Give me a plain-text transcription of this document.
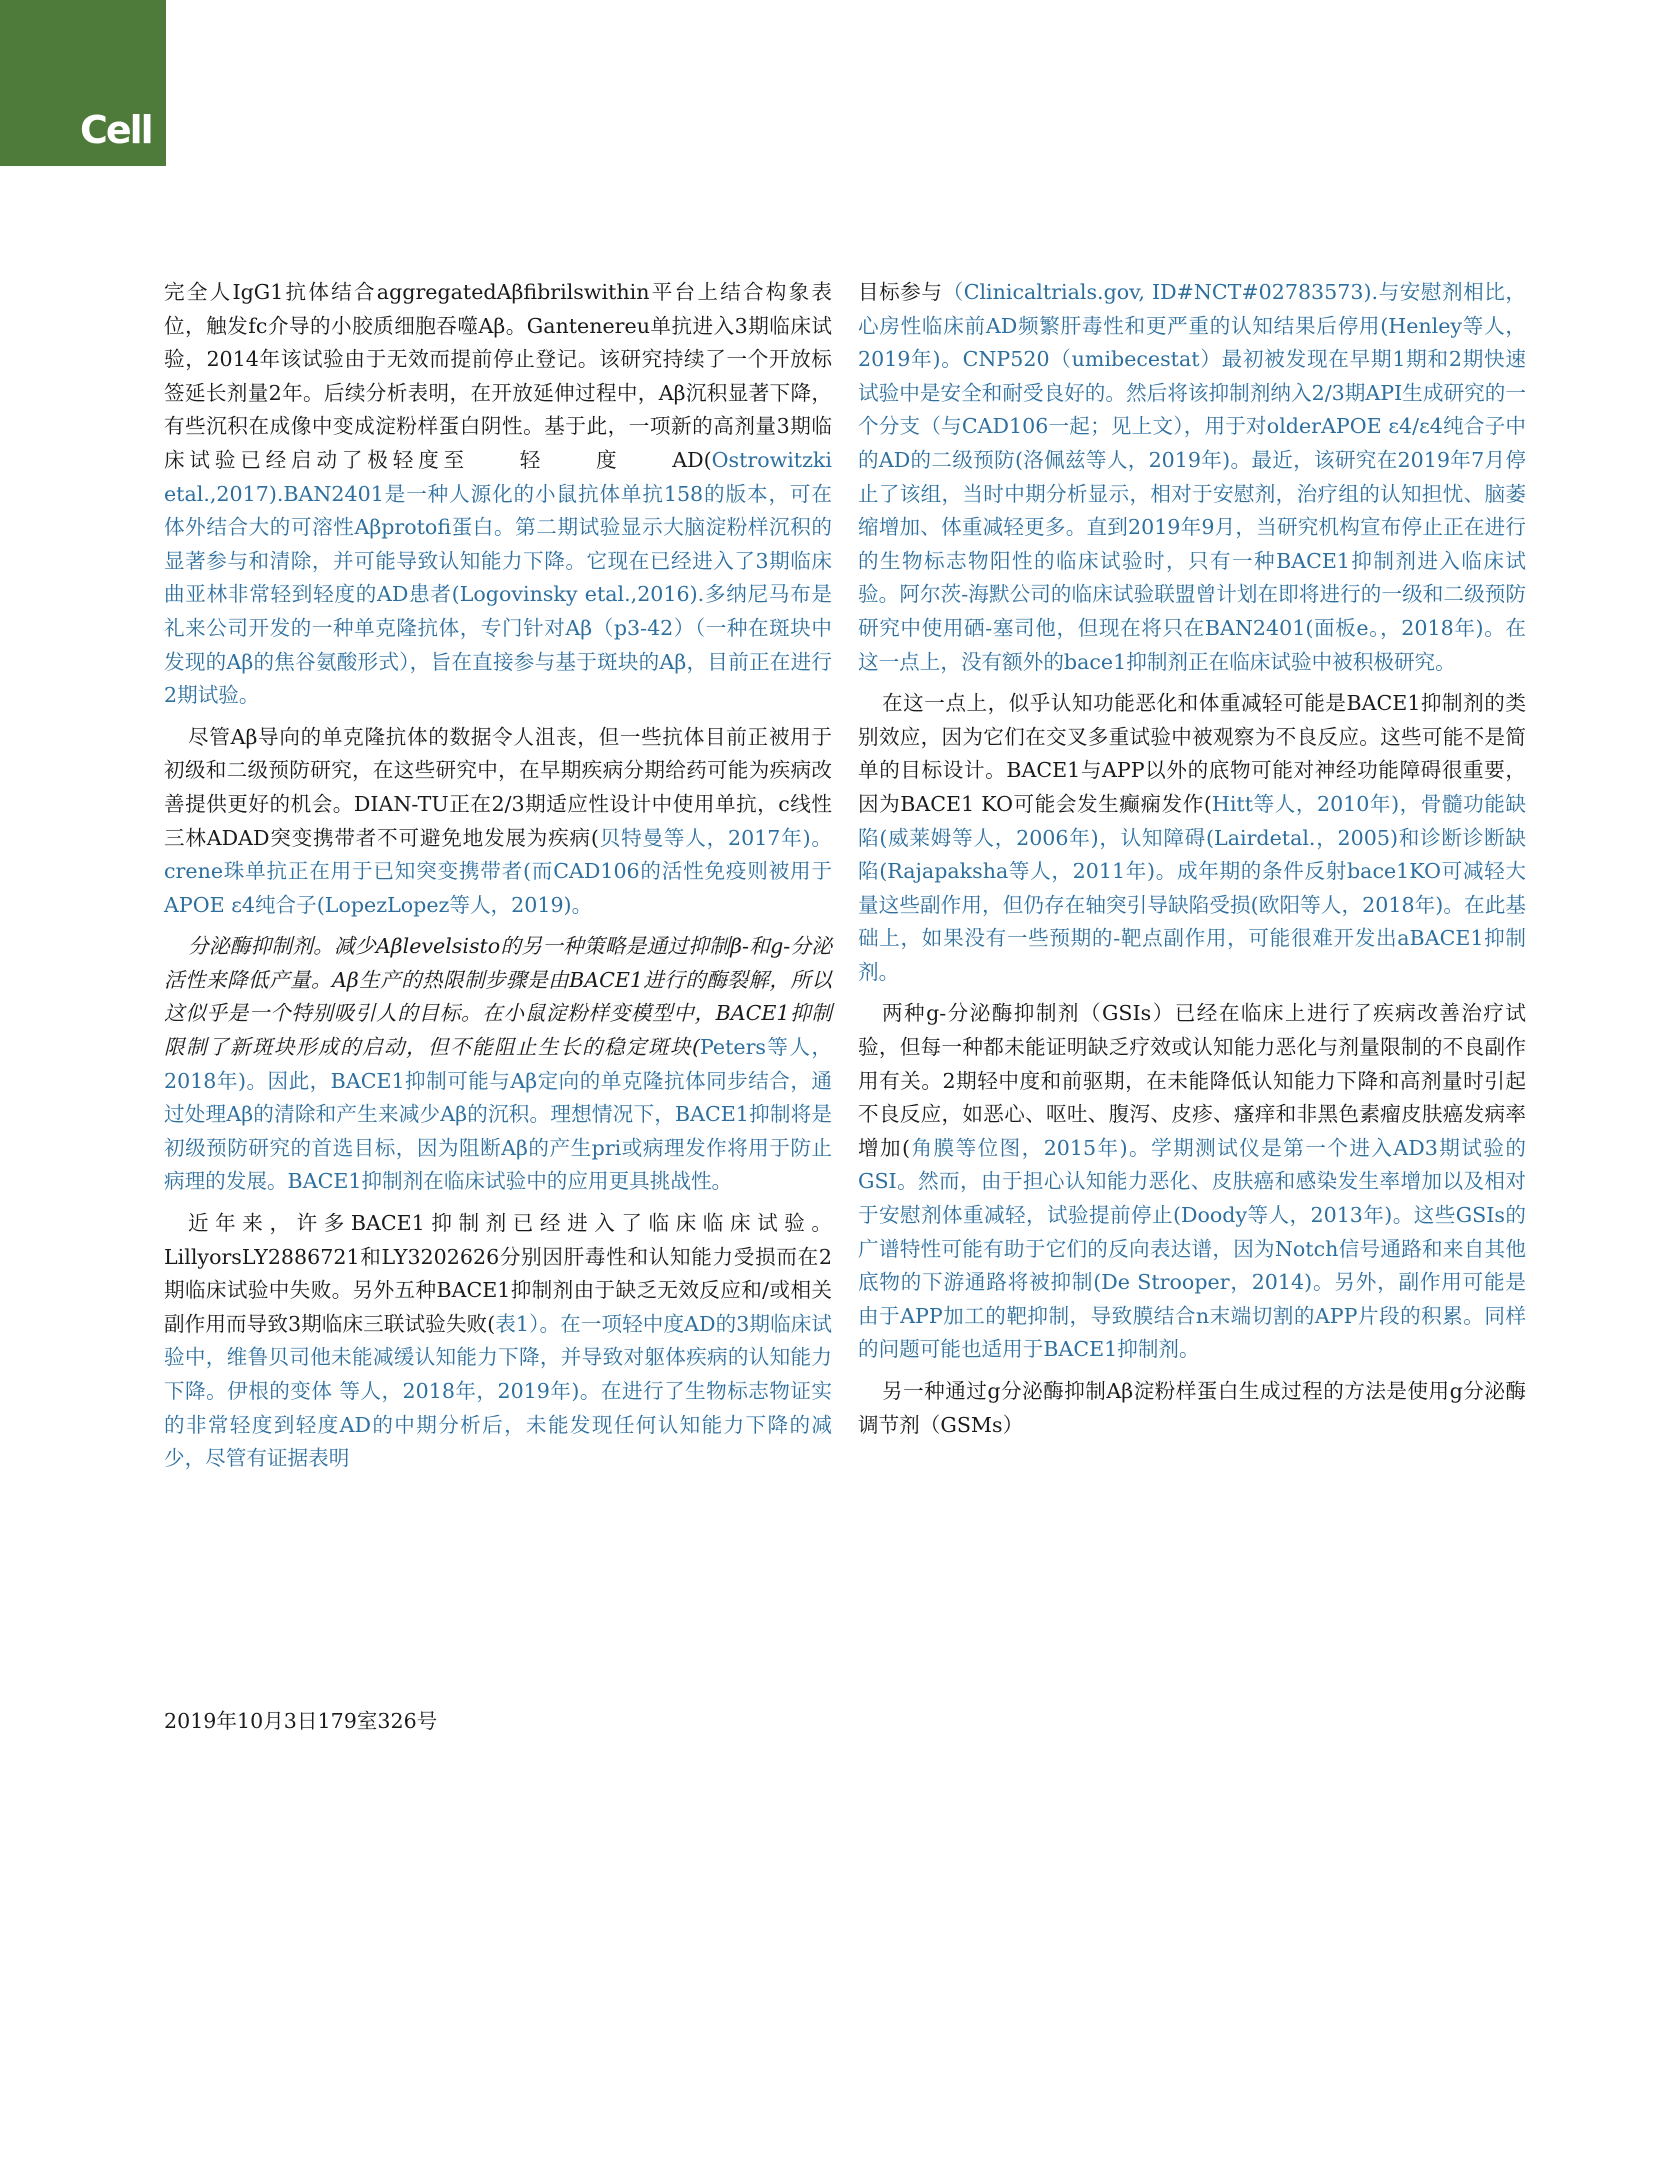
Cell

完全人IgG1抗体结合aggregatedAβfibrilswithin平台上结合构象表位，触发fc介导的小胶质细胞吞噬Aβ。Gantenereu单抗进入3期临床试验，2014年该试验由于无效而提前停止登记。该研究持续了一个开放标签延长剂量2年。后续分析表明，在开放延伸过程中，Aβ沉积显著下降，有些沉积在成像中变成淀粉样蛋白阴性。基于此，一项新的高剂量3期临床试验已经启动了极轻度至　　轻　　度　　AD(Ostrowitzki etal.,2017).BAN2401是一种人源化的小鼠抗体单抗158的版本，可在体外结合大的可溶性Aβprotofi蛋白。第二期试验显示大脑淀粉样沉积的显著参与和清除，并可能导致认知能力下降。它现在已经进入了3期临床曲亚林非常轻到轻度的AD患者(Logovinsky etal.,2016).多纳尼马布是礼来公司开发的一种单克隆抗体，专门针对Aβ（p3-42）（一种在斑块中发现的Aβ的焦谷氨酸形式），旨在直接参与基于斑块的Aβ，目前正在进行2期试验。

尽管Aβ导向的单克隆抗体的数据令人沮丧，但一些抗体目前正被用于初级和二级预防研究，在这些研究中，在早期疾病分期给药可能为疾病改善提供更好的机会。DIAN-TU正在2/3期适应性设计中使用单抗，c线性三林ADAD突变携带者不可避免地发展为疾病(贝特曼等人，2017年)。crene珠单抗正在用于已知突变携带者(而CAD106的活性免疫则被用于APOE ε4纯合子(LopezLopez等人，2019)。

分泌酶抑制剂。减少Aβlevelsisto的另一种策略是通过抑制β-和g-分泌活性来降低产量。Aβ生产的热限制步骤是由BACE1进行的酶裂解，所以这似乎是一个特别吸引人的目标。在小鼠淀粉样变模型中，BACE1抑制限制了新斑块形成的启动，但不能阻止生长的稳定斑块(Peters等人，2018年)。因此，BACE1抑制可能与Aβ定向的单克隆抗体同步结合，通过处理Aβ的清除和产生来减少Aβ的沉积。理想情况下，BACE1抑制将是初级预防研究的首选目标，因为阻断Aβ的产生pri或病理发作将用于防止病理的发展。BACE1抑制剂在临床试验中的应用更具挑战性。

近年来，许多BACE1抑制剂已经进入了临床临床试验。LillyorsLY2886721和LY3202626分别因肝毒性和认知能力受损而在2期临床试验中失败。另外五种BACE1抑制剂由于缺乏无效反应和/或相关副作用而导致3期临床三联试验失败(表1）。在一项轻中度AD的3期临床试验中，维鲁贝司他未能减缓认知能力下降，并导致对躯体疾病的认知能力下降。伊根的变体 等人，2018年，2019年)。在进行了生物标志物证实的非常轻度到轻度AD的中期分析后，未能发现任何认知能力下降的减少，尽管有证据表明

目标参与（Clinicaltrials.gov, ID#NCT#02783573).与安慰剂相比，心房性临床前AD频繁肝毒性和更严重的认知结果后停用(Henley等人，2019年)。CNP520（umibecestat）最初被发现在早期1期和2期快速试验中是安全和耐受良好的。然后将该抑制剂纳入2/3期API生成研究的一个分支（与CAD106一起；见上文），用于对olderAPOE ε4/ε4纯合子中的AD的二级预防(洛佩兹等人，2019年)。最近，该研究在2019年7月停止了该组，当时中期分析显示，相对于安慰剂，治疗组的认知担忧、脑萎缩增加、体重减轻更多。直到2019年9月，当研究机构宣布停止正在进行的生物标志物阳性的临床试验时，只有一种BACE1抑制剂进入临床试验。阿尔茨-海默公司的临床试验联盟曾计划在即将进行的一级和二级预防研究中使用硒-塞司他，但现在将只在BAN2401(面板e。，2018年)。在这一点上，没有额外的bace1抑制剂正在临床试验中被积极研究。

在这一点上，似乎认知功能恶化和体重减轻可能是BACE1抑制剂的类别效应，因为它们在交叉多重试验中被观察为不良反应。这些可能不是简单的目标设计。BACE1与APP以外的底物可能对神经功能障碍很重要，因为BACE1 KO可能会发生癫痫发作(Hitt等人，2010年)，骨髓功能缺陷(威莱姆等人，2006年)，认知障碍(Lairdetal.，2005)和诊断诊断缺陷(Rajapaksha等人，2011年)。成年期的条件反射bace1KO可减轻大量这些副作用，但仍存在轴突引导缺陷受损(欧阳等人，2018年)。在此基础上，如果没有一些预期的-靶点副作用，可能很难开发出aBACE1抑制剂。

两种g-分泌酶抑制剂（GSIs）已经在临床上进行了疾病改善治疗试验，但每一种都未能证明缺乏疗效或认知能力恶化与剂量限制的不良副作用有关。2期轻中度和前驱期，在未能降低认知能力下降和高剂量时引起不良反应，如恶心、呕吐、腹泻、皮疹、瘙痒和非黑色素瘤皮肤癌发病率增加(角膜等位图，2015年)。学期测试仪是第一个进入AD3期试验的GSI。然而，由于担心认知能力恶化、皮肤癌和感染发生率增加以及相对于安慰剂体重减轻，试验提前停止(Doody等人，2013年)。这些GSIs的广谱特性可能有助于它们的反向表达谱，因为Notch信号通路和来自其他底物的下游通路将被抑制(De Strooper，2014)。另外，副作用可能是由于APP加工的靶抑制，导致膜结合n末端切割的APP片段的积累。同样的问题可能也适用于BACE1抑制剂。

另一种通过g分泌酶抑制Aβ淀粉样蛋白生成过程的方法是使用g分泌酶调节剂（GSMs）

2019年10月3日179室326号
